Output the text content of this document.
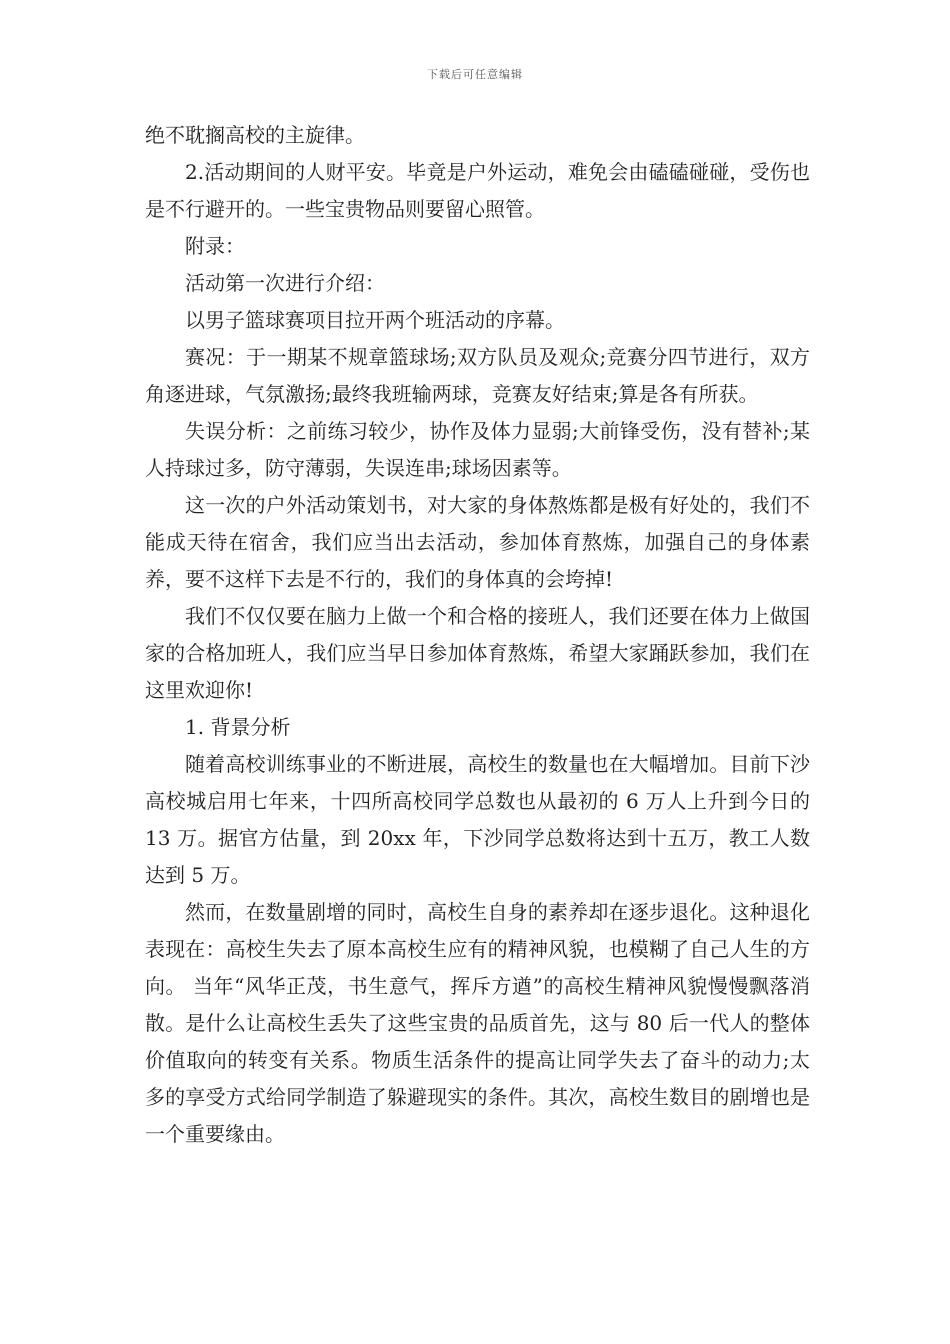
下载后可任意编辑

绝不耽搁高校的主旋律。

2.活动期间的人财平安。毕竟是户外运动，难免会由磕磕碰碰，受伤也是不行避开的。一些宝贵物品则要留心照管。

附录：

活动第一次进行介绍：

以男子篮球赛项目拉开两个班活动的序幕。

赛况：于一期某不规章篮球场;双方队员及观众;竞赛分四节进行，双方角逐进球，气氛激扬;最终我班输两球，竞赛友好结束;算是各有所获。

失误分析：之前练习较少，协作及体力显弱;大前锋受伤，没有替补;某人持球过多，防守薄弱，失误连串;球场因素等。

这一次的户外活动策划书，对大家的身体熬炼都是极有好处的，我们不能成天待在宿舍，我们应当出去活动，参加体育熬炼，加强自己的身体素养，要不这样下去是不行的，我们的身体真的会垮掉!

我们不仅仅要在脑力上做一个和合格的接班人，我们还要在体力上做国家的合格加班人，我们应当早日参加体育熬炼，希望大家踊跃参加，我们在这里欢迎你!

1. 背景分析

随着高校训练事业的不断进展，高校生的数量也在大幅增加。目前下沙高校城启用七年来，十四所高校同学总数也从最初的 6 万人上升到今日的 13 万。据官方估量，到 20xx 年，下沙同学总数将达到十五万，教工人数达到 5 万。

然而，在数量剧增的同时，高校生自身的素养却在逐步退化。这种退化表现在：高校生失去了原本高校生应有的精神风貌，也模糊了自己人生的方向。 当年“风华正茂，书生意气，挥斥方遒”的高校生精神风貌慢慢飘落消散。是什么让高校生丢失了这些宝贵的品质首先，这与 80 后一代人的整体价值取向的转变有关系。物质生活条件的提高让同学失去了奋斗的动力;太多的享受方式给同学制造了躲避现实的条件。其次，高校生数目的剧增也是一个重要缘由。
